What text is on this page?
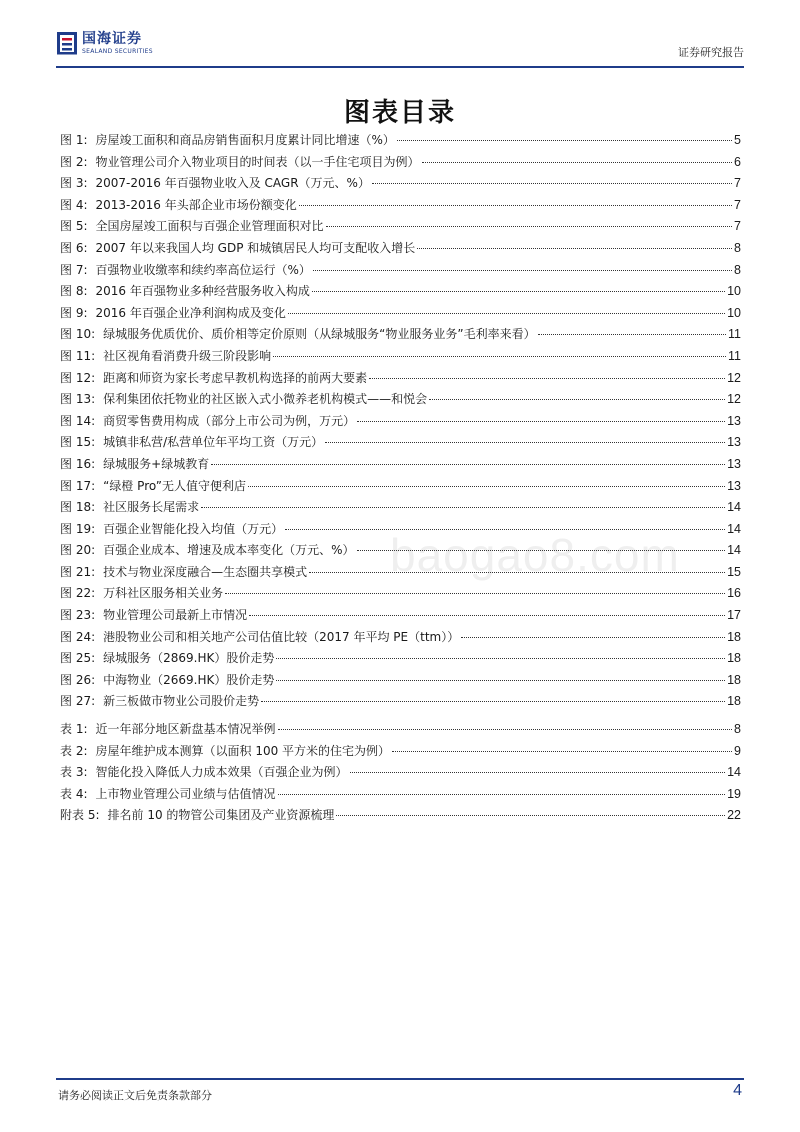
国海证券
SEALAND SECURITIES	证券研究报告
图表目录
图 1: 房屋竣工面积和商品房销售面积月度累计同比增速（%）	5
图 2: 物业管理公司介入物业项目的时间表（以一手住宅项目为例）	6
图 3: 2007-2016 年百强物业收入及 CAGR（万元、%）	7
图 4: 2013-2016 年头部企业市场份额变化	7
图 5: 全国房屋竣工面积与百强企业管理面积对比	7
图 6: 2007 年以来我国人均 GDP 和城镇居民人均可支配收入增长	8
图 7: 百强物业收缴率和续约率高位运行（%）	8
图 8: 2016 年百强物业多种经营服务收入构成	10
图 9: 2016 年百强企业净利润构成及变化	10
图 10: 绿城服务优质优价、质价相等定价原则（从绿城服务“物业服务业务”毛利率来看）	11
图 11: 社区视角看消费升级三阶段影响	11
图 12: 距离和师资为家长考虑早教机构选择的前两大要素	12
图 13: 保利集团依托物业的社区嵌入式小微养老机构模式——和悦会	12
图 14: 商贸零售费用构成（部分上市公司为例，万元）	13
图 15: 城镇非私营/私营单位年平均工资（万元）	13
图 16: 绿城服务+绿城教育	13
图 17: “绿橙 Pro”无人值守便利店	13
图 18: 社区服务长尾需求	14
图 19: 百强企业智能化投入均值（万元）	14
图 20: 百强企业成本、增速及成本率变化（万元、%）	14
图 21: 技术与物业深度融合—生态圈共享模式	15
图 22: 万科社区服务相关业务	16
图 23: 物业管理公司最新上市情况	17
图 24: 港股物业公司和相关地产公司估值比较（2017 年平均 PE（ttm））	18
图 25: 绿城服务（2869.HK）股价走势	18
图 26: 中海物业（2669.HK）股价走势	18
图 27: 新三板做市物业公司股价走势	18
表 1: 近一年部分地区新盘基本情况举例	8
表 2: 房屋年维护成本测算（以面积 100 平方米的住宅为例）	9
表 3: 智能化投入降低人力成本效果（百强企业为例）	14
表 4: 上市物业管理公司业绩与估值情况	19
附表 5: 排名前 10 的物管公司集团及产业资源梳理	22
baogao8.com
请务必阅读正文后免责条款部分	4
